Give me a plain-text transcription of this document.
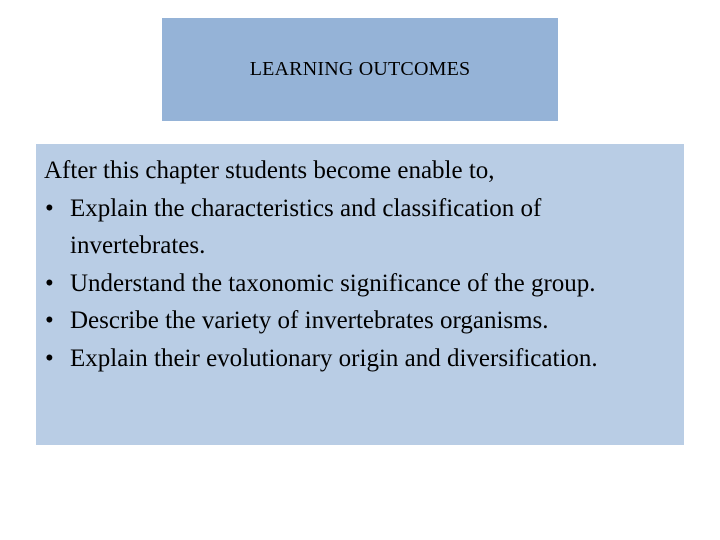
LEARNING OUTCOMES

After this chapter students become enable to,

• Explain the characteristics and classification of invertebrates.
• Understand the taxonomic significance of the group.
• Describe the variety of invertebrates organisms.
• Explain their evolutionary origin and diversification.
